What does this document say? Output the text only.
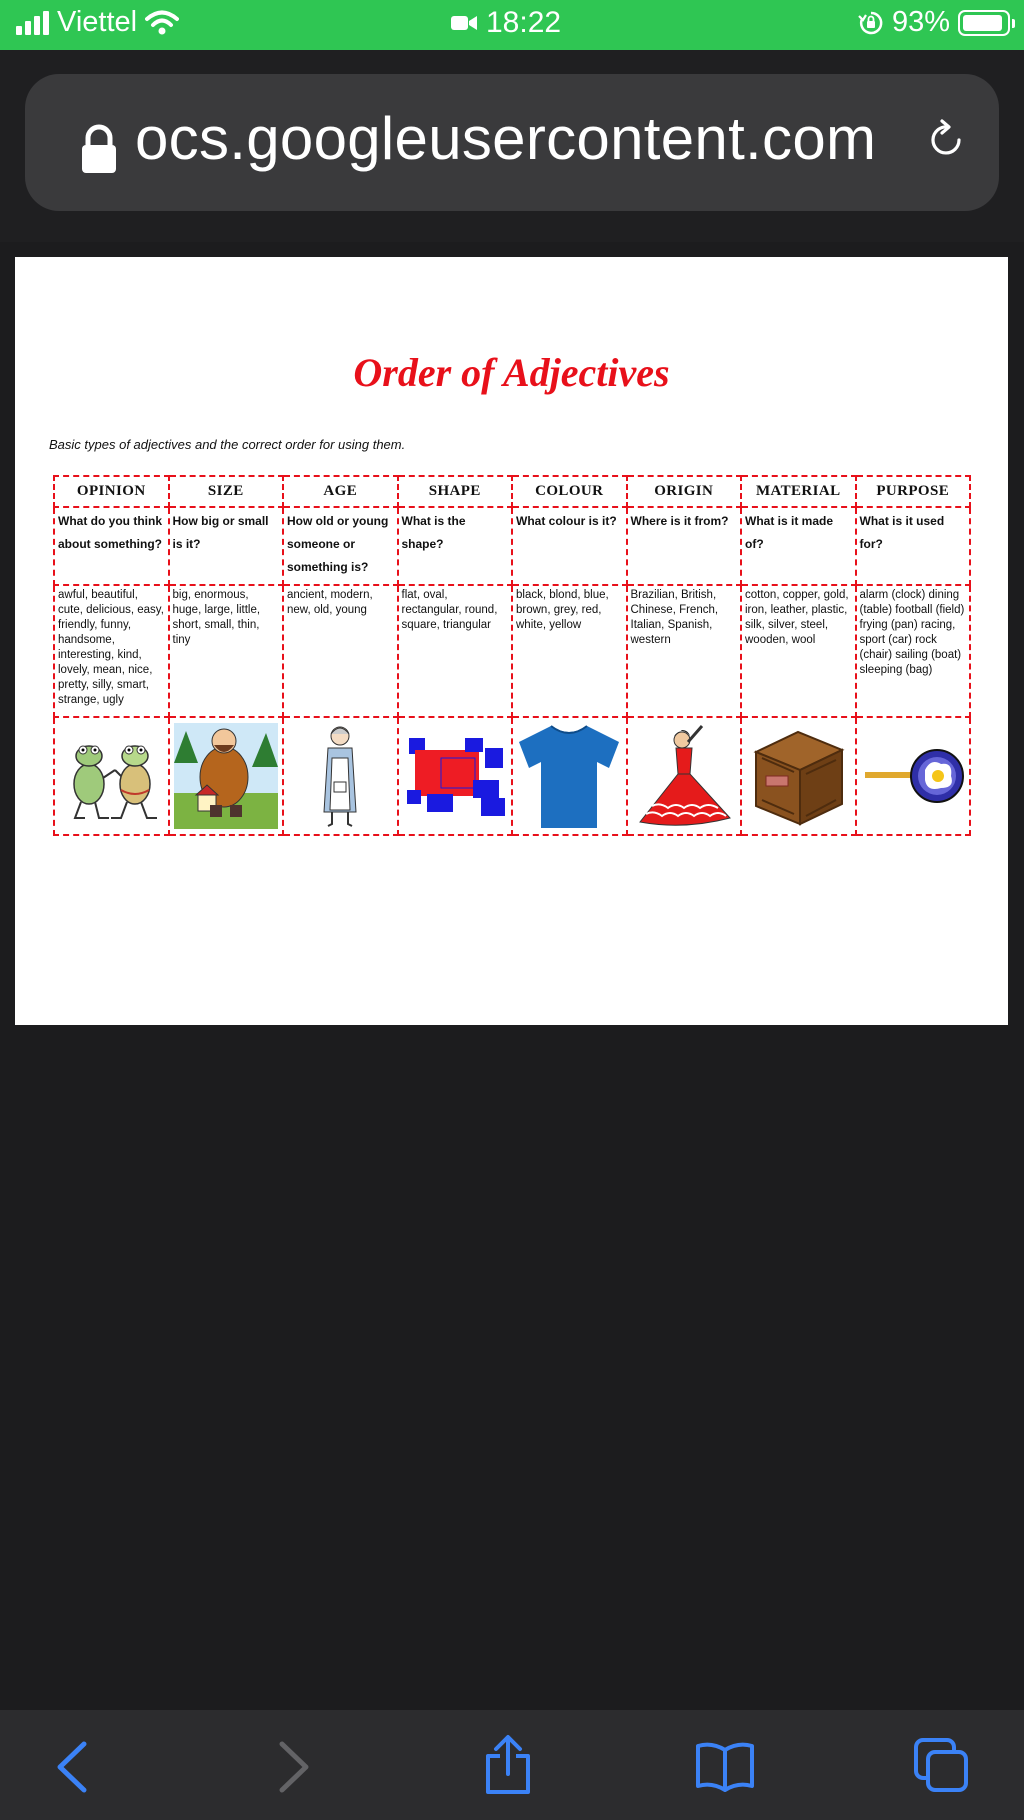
Viettel	18:22	93%
ocs.googleusercontent.com
Order of Adjectives
Basic types of adjectives and the correct order for using them.
OPINION	SIZE	AGE	SHAPE	COLOUR	ORIGIN	MATERIAL	PURPOSE
What do you think about something?	How big or small is it?	How old or young someone or something is?	What is the shape?	What colour is it?	Where is it from?	What is it made of?	What is it used for?
awful, beautiful, cute, delicious, easy, friendly, funny, handsome, interesting, kind, lovely, mean, nice, pretty, silly, smart, strange, ugly	big, enormous, huge, large, little, short, small, thin, tiny	ancient, modern, new, old, young	flat, oval, rectangular, round, square, triangular	black, blond, blue, brown, grey, red, white, yellow	Brazilian, British, Chinese, French, Italian, Spanish, western	cotton, copper, gold, iron, leather, plastic, silk, silver, steel, wooden, wool	alarm (clock) dining (table) football (field) frying (pan) racing, sport (car) rock (chair) sailing (boat) sleeping (bag)
